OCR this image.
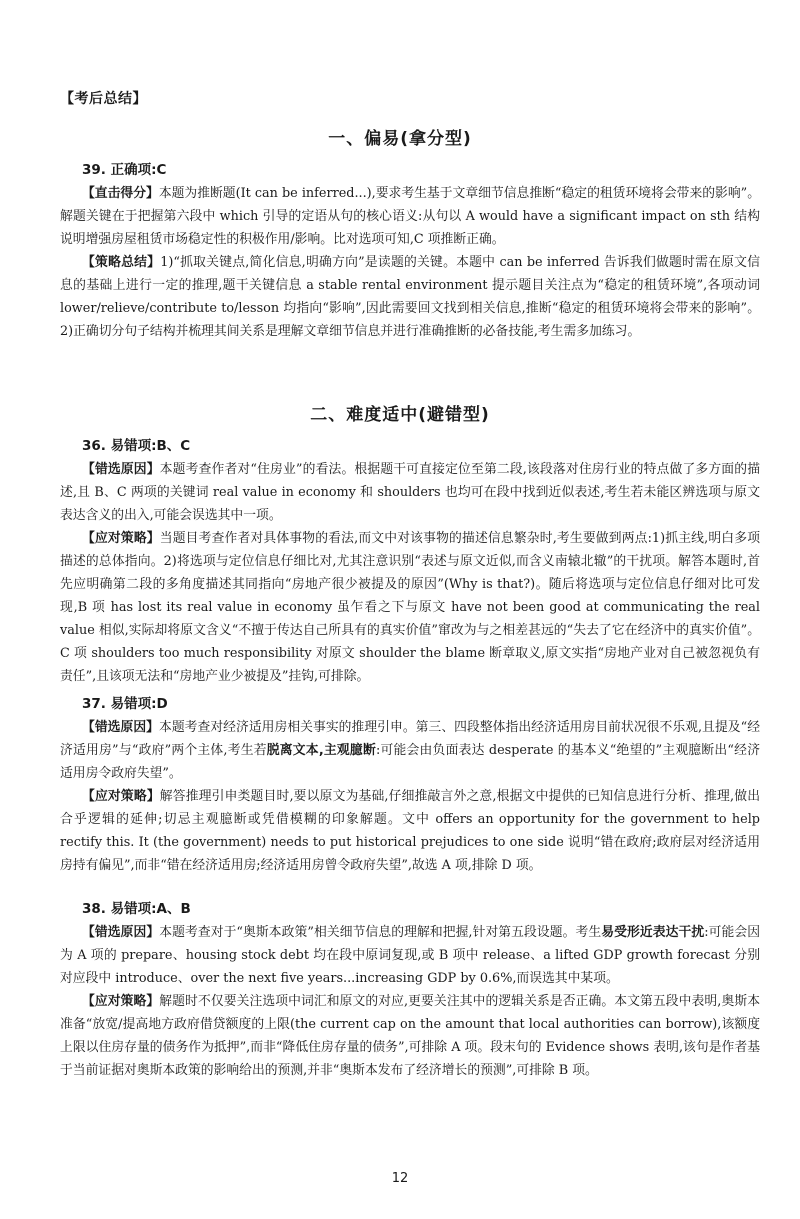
【考后总结】
一、偏易(拿分型)
39. 正确项:C

【直击得分】本题为推断题(It can be inferred...),要求考生基于文章细节信息推断“稳定的租赁环境将会带来的影响”。解题关键在于把握第六段中 which 引导的定语从句的核心语义:从句以 A would have a significant impact on sth 结构说明增强房屋租赁市场稳定性的积极作用/影响。比对选项可知,C 项推断正确。

【策略总结】1)“抓取关键点,简化信息,明确方向”是读题的关键。本题中 can be inferred 告诉我们做题时需在原文信息的基础上进行一定的推理,题干关键信息 a stable rental environment 提示题目关注点为“稳定的租赁环境”,各项动词 lower/relieve/contribute to/lesson 均指向“影响”,因此需要回文找到相关信息,推断“稳定的租赁环境将会带来的影响”。2)正确切分句子结构并梳理其间关系是理解文章细节信息并进行准确推断的必备技能,考生需多加练习。

二、难度适中(避错型)
36. 易错项:B、C

【错选原因】本题考查作者对“住房业”的看法。根据题干可直接定位至第二段,该段落对住房行业的特点做了多方面的描述,且 B、C 两项的关键词 real value in economy 和 shoulders 也均可在段中找到近似表述,考生若未能区辨选项与原文表达含义的出入,可能会误选其中一项。

【应对策略】当题目考查作者对具体事物的看法,而文中对该事物的描述信息繁杂时,考生要做到两点:1)抓主线,明白多项描述的总体指向。2)将选项与定位信息仔细比对,尤其注意识别“表述与原文近似,而含义南辕北辙”的干扰项。解答本题时,首先应明确第二段的多角度描述其同指向“房地产很少被提及的原因”(Why is that?)。随后将选项与定位信息仔细对比可发现,B 项 has lost its real value in economy 虽乍看之下与原文 have not been good at communicating the real value 相似,实际却将原文含义“不擅于传达自己所具有的真实价值”窜改为与之相差甚远的“失去了它在经济中的真实价值”。C 项 shoulders too much responsibility 对原文 shoulder the blame 断章取义,原文实指“房地产业对自己被忽视负有责任”,且该项无法和“房地产业少被提及”挂钩,可排除。

37. 易错项:D

【错选原因】本题考查对经济适用房相关事实的推理引申。第三、四段整体指出经济适用房目前状况很不乐观,且提及“经济适用房”与“政府”两个主体,考生若脱离文本,主观臆断:可能会由负面表达 desperate 的基本义“绝望的”主观臆断出“经济适用房令政府失望”。

【应对策略】解答推理引申类题目时,要以原文为基础,仔细推敲言外之意,根据文中提供的已知信息进行分析、推理,做出合乎逻辑的延伸;切忌主观臆断或凭借模糊的印象解题。文中 offers an opportunity for the government to help rectify this. It (the government) needs to put historical prejudices to one side 说明“错在政府;政府层对经济适用房持有偏见”,而非“错在经济适用房;经济适用房曾令政府失望”,故选 A 项,排除 D 项。

38. 易错项:A、B

【错选原因】本题考查对于“奥斯本政策”相关细节信息的理解和把握,针对第五段设题。考生易受形近表达干扰:可能会因为 A 项的 prepare、housing stock debt 均在段中原词复现,或 B 项中 release、a lifted GDP growth forecast 分别对应段中 introduce、over the next five years...increasing GDP by 0.6%,而误选其中某项。

【应对策略】解题时不仅要关注选项中词汇和原文的对应,更要关注其中的逻辑关系是否正确。本文第五段中表明,奥斯本准备“放宽/提高地方政府借贷额度的上限(the current cap on the amount that local authorities can borrow),该额度上限以住房存量的债务作为抵押”,而非“降低住房存量的债务”,可排除 A 项。段末句的 Evidence shows 表明,该句是作者基于当前证据对奥斯本政策的影响给出的预测,并非“奥斯本发布了经济增长的预测”,可排除 B 项。

12
